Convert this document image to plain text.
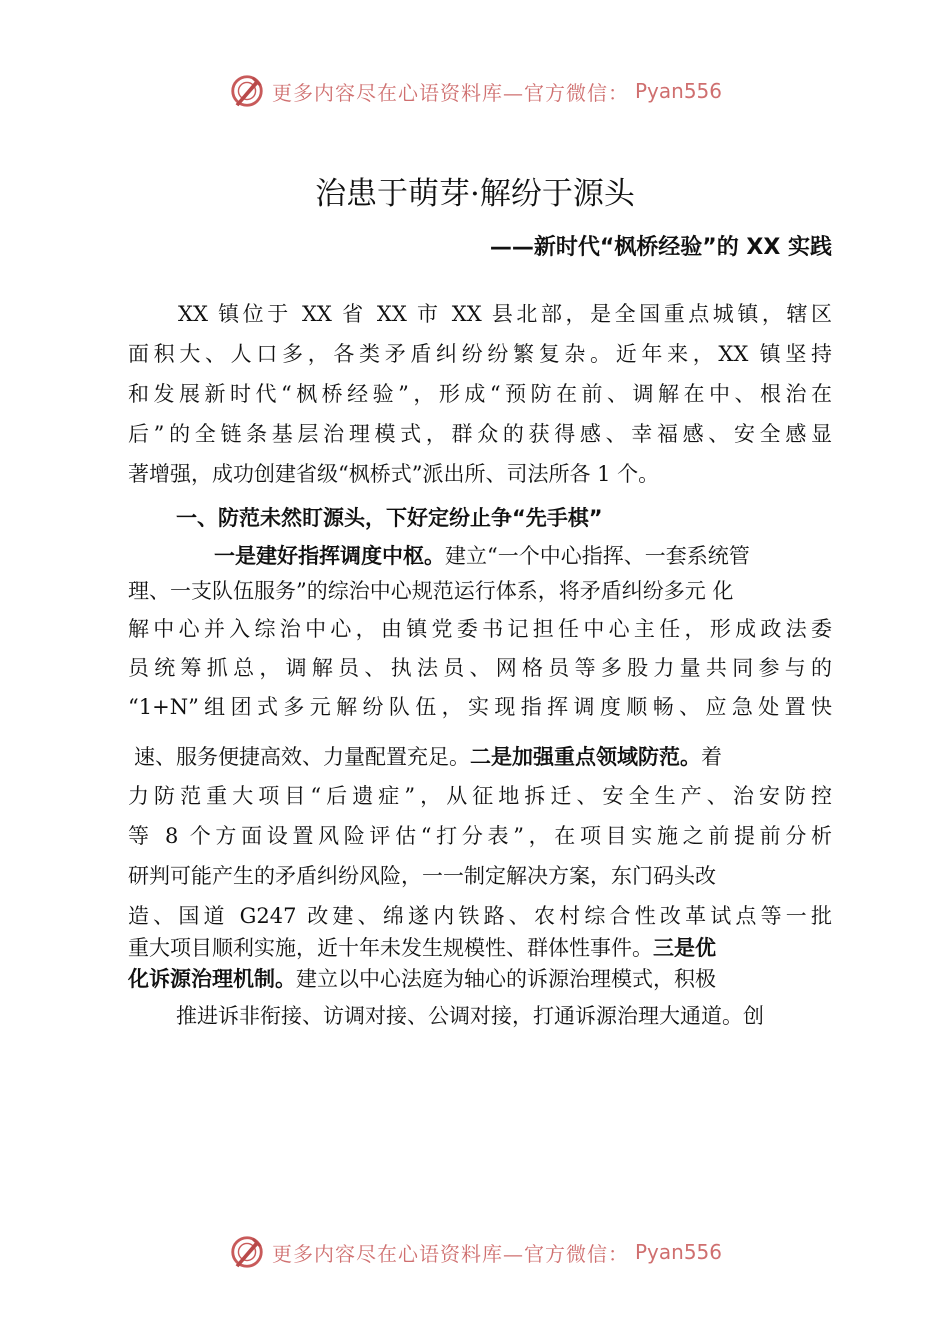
更多内容尽在心语资料库—官方微信： Pyan556
治患于萌芽·解纷于源头
——新时代“枫桥经验”的 XX 实践
XX 镇位于 XX 省 XX 市 XX 县北部，是全国重点城镇，辖区
面积大、人口多，各类矛盾纠纷纷繁复杂。近年来，XX 镇坚持
和发展新时代“枫桥经验”，形成“预防在前、调解在中、根治在
后”的全链条基层治理模式，群众的获得感、幸福感、安全感显
著增强，成功创建省级“枫桥式”派出所、司法所各 1 个。
一、防范未然盯源头，下好定纷止争“先手棋”
一是建好指挥调度中枢。建立“一个中心指挥、一套系统管
理、一支队伍服务”的综治中心规范运行体系，将矛盾纠纷多元 化
解中心并入综治中心，由镇党委书记担任中心主任，形成政法委
员统筹抓总，调解员、执法员、网格员等多股力量共同参与的
“1+N”组团式多元解纷队伍，实现指挥调度顺畅、应急处置快
速、服务便捷高效、力量配置充足。二是加强重点领域防范。着
力防范重大项目“后遗症”，从征地拆迁、安全生产、治安防控
等 8 个方面设置风险评估“打分表”，在项目实施之前提前分析
研判可能产生的矛盾纠纷风险，一一制定解决方案，东门码头改
造、国道 G247 改建、绵遂内铁路、农村综合性改革试点等一批
重大项目顺利实施，近十年未发生规模性、群体性事件。三是优
化诉源治理机制。建立以中心法庭为轴心的诉源治理模式，积极
推进诉非衔接、访调对接、公调对接，打通诉源治理大通道。创
更多内容尽在心语资料库—官方微信： Pyan556
